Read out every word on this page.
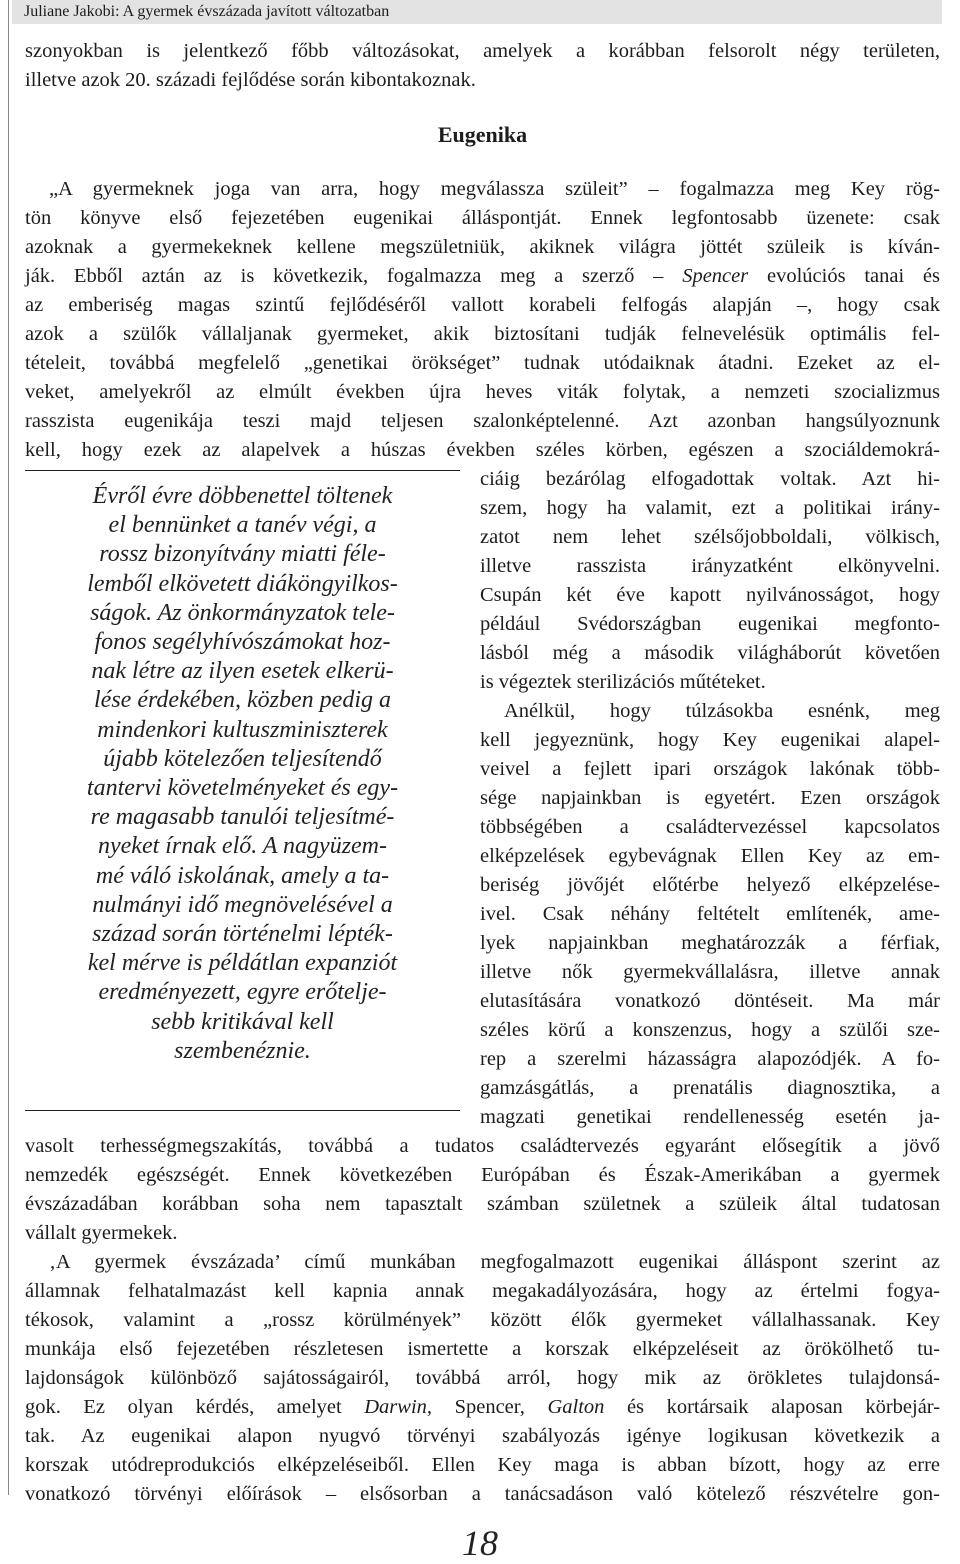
Juliane Jakobi: A gyermek évszázada javított változatban
szonyokban is jelentkező főbb változásokat, amelyek a korábban felsorolt négy területen,
illetve azok 20. századi fejlődése során kibontakoznak.
Eugenika
„A gyermeknek joga van arra, hogy megválassza szüleit” – fogalmazza meg Key rög-
tön könyve első fejezetében eugenikai álláspontját. Ennek legfontosabb üzenete: csak
azoknak a gyermekeknek kellene megszületniük, akiknek világra jöttét szüleik is kíván-
ják. Ebből aztán az is következik, fogalmazza meg a szerző – Spencer evolúciós tanai és
az emberiség magas szintű fejlődéséről vallott korabeli felfogás alapján –, hogy csak
azok a szülők vállaljanak gyermeket, akik biztosítani tudják felnevelésük optimális fel-
tételeit, továbbá megfelelő „genetikai örökséget” tudnak utódaiknak átadni. Ezeket az el-
veket, amelyekről az elmúlt években újra heves viták folytak, a nemzeti szocializmus
rasszista eugenikája teszi majd teljesen szalonképtelenné. Azt azonban hangsúlyoznunk
kell, hogy ezek az alapelvek a húszas években széles körben, egészen a szociáldemokrá-
ciáig bezárólag elfogadottak voltak. Azt hi-
szem, hogy ha valamit, ezt a politikai irány-
zatot nem lehet szélsőjobboldali, völkisch,
illetve rasszista irányzatként elkönyvelni.
Csupán két éve kapott nyilvánosságot, hogy
például Svédországban eugenikai megfonto-
lásból még a második világháborút követően
is végeztek sterilizációs műtéteket.
Anélkül, hogy túlzásokba esnénk, meg
kell jegyeznünk, hogy Key eugenikai alapel-
veivel a fejlett ipari országok lakónak több-
sége napjainkban is egyetért. Ezen országok
többségében a családtervezéssel kapcsolatos
elképzelések egybevágnak Ellen Key az em-
beriség jövőjét előtérbe helyező elképzelése-
ivel. Csak néhány feltételt említenék, ame-
lyek napjainkban meghatározzák a férfiak,
illetve nők gyermekvállalásra, illetve annak
elutasítására vonatkozó döntéseit. Ma már
széles körű a konszenzus, hogy a szülői sze-
rep a szerelmi házasságra alapozódjék. A fo-
gamzásgátlás, a prenatális diagnosztika, a
magzati genetikai rendellenesség esetén ja-
Évről évre döbbenettel töltenek
el bennünket a tanév végi, a
rossz bizonyítvány miatti féle-
lemből elkövetett diáköngyilkos-
ságok. Az önkormányzatok tele-
fonos segélyhívószámokat hoz-
nak létre az ilyen esetek elkerü-
lése érdekében, közben pedig a
mindenkori kultuszminiszterek
újabb kötelezően teljesítendő
tantervi követelményeket és egy-
re magasabb tanulói teljesítmé-
nyeket írnak elő. A nagyüzem-
mé váló iskolának, amely a ta-
nulmányi idő megnövelésével a
század során történelmi lépték-
kel mérve is példátlan expanziót
eredményezett, egyre erőtelje-
sebb kritikával kell
szembenéznie.
vasolt terhességmegszakítás, továbbá a tudatos családtervezés egyaránt elősegítik a jövő
nemzedék egészségét. Ennek következében Európában és Észak-Amerikában a gyermek
évszázadában korábban soha nem tapasztalt számban születnek a szüleik által tudatosan
vállalt gyermekek.
‚A gyermek évszázada’ című munkában megfogalmazott eugenikai álláspont szerint az
államnak felhatalmazást kell kapnia annak megakadályozására, hogy az értelmi fogya-
tékosok, valamint a „rossz körülmények” között élők gyermeket vállalhassanak. Key
munkája első fejezetében részletesen ismertette a korszak elképzeléseit az örökölhető tu-
lajdonságok különböző sajátosságairól, továbbá arról, hogy mik az örökletes tulajdonsá-
gok. Ez olyan kérdés, amelyet Darwin, Spencer, Galton és kortársaik alaposan körbejár-
tak. Az eugenikai alapon nyugvó törvényi szabályozás igénye logikusan következik a
korszak utódreprodukciós elképzeléseiből. Ellen Key maga is abban bízott, hogy az erre
vonatkozó törvényi előírások – elsősorban a tanácsadáson való kötelező részvételre gon-
18
